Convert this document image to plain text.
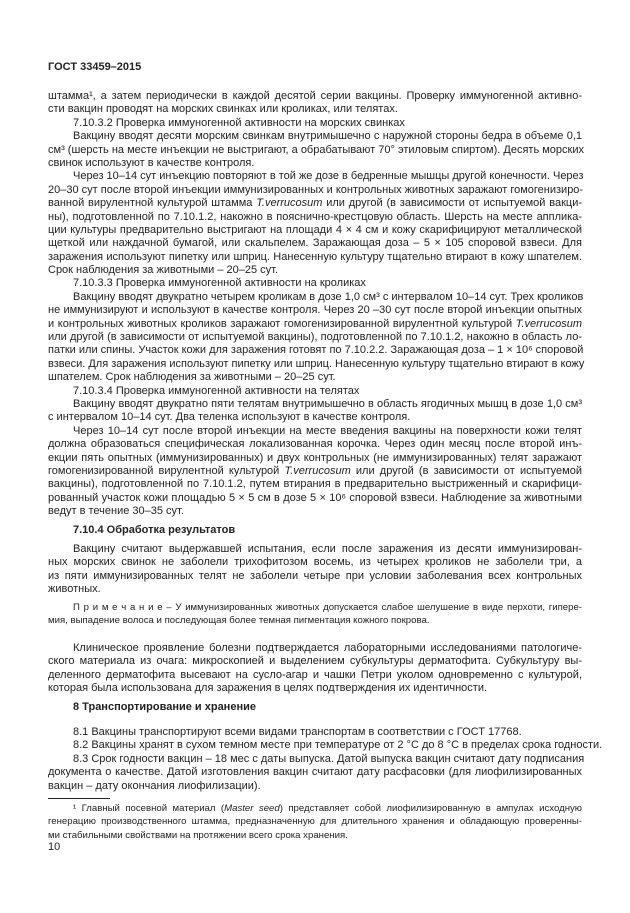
ГОСТ 33459–2015
штамма¹, а затем периодически в каждой десятой серии вакцины. Проверку иммуногенной активно-
сти вакцин проводят на морских свинках или кроликах, или телятах.
7.10.3.2 Проверка иммуногенной активности на морских свинках
Вакцину вводят десяти морским свинкам внутримышечно с наружной стороны бедра в объеме 0,1
см³ (шерсть на месте инъекции не выстригают, а обрабатывают 70° этиловым спиртом). Десять морских
свинок используют в качестве контроля.
Через 10–14 сут инъекцию повторяют в той же дозе в бедренные мышцы другой конечности. Через
20–30 сут после второй инъекции иммунизированных и контрольных животных заражают гомогенизиро-
ванной вирулентной культурой штамма T.verrucosum или другой (в зависимости от испытуемой вакци-
ны), подготовленной по 7.10.1.2, накожно в пояснично-крестцовую область. Шерсть на месте апплика-
ции культуры предварительно выстригают на площади 4 × 4 см и кожу скарифицируют металлической
щеткой или наждачной бумагой, или скальпелем. Заражающая доза – 5 × 105 споровой взвеси. Для
заражения используют пипетку или шприц. Нанесенную культуру тщательно втирают в кожу шпателем.
Срок наблюдения за животными – 20–25 сут.
7.10.3.3 Проверка иммуногенной активности на кроликах
Вакцину вводят двукратно четырем кроликам в дозе 1,0 см³ с интервалом 10–14 сут. Трех кроликов
не иммунизируют и используют в качестве контроля. Через 20 –30 сут после второй инъекции опытных
и контрольных животных кроликов заражают гомогенизированной вирулентной культурой T.verrucosum
или другой (в зависимости от испытуемой вакцины), подготовленной по 7.10.1.2, накожно в область ло-
патки или спины. Участок кожи для заражения готовят по 7.10.2.2. Заражающая доза – 1 × 10⁶ споровой
взвеси. Для заражения используют пипетку или шприц. Нанесенную культуру тщательно втирают в кожу
шпателем. Срок наблюдения за животными – 20–25 сут.
7.10.3.4 Проверка иммуногенной активности на телятах
Вакцину вводят двукратно пяти телятам внутримышечно в область ягодичных мышц в дозе 1,0 см³
с интервалом 10–14 сут. Два теленка используют в качестве контроля.
Через 10–14 сут после второй инъекции на месте введения вакцины на поверхности кожи телят
должна образоваться специфическая локализованная корочка. Через один месяц после второй инъ-
екции пять опытных (иммунизированных) и двух контрольных (не иммунизированных) телят заражают
гомогенизированной вирулентной культурой T.verrucosum или другой (в зависимости от испытуемой
вакцины), подготовленной по 7.10.1.2, путем втирания в предварительно выстриженный и скарифици-
рованный участок кожи площадью 5 × 5 см в дозе 5 × 10⁶ споровой взвеси. Наблюдение за животными
ведут в течение 30–35 сут.
7.10.4 Обработка результатов
Вакцину считают выдержавшей испытания, если после заражения из десяти иммунизирован-
ных морских свинок не заболели трихофитозом восемь, из четырех кроликов не заболели три, а
из пяти иммунизированных телят не заболели четыре при условии заболевания всех контрольных
животных.
П р и м е ч а н и е – У иммунизированных животных допускается слабое шелушение в виде перхоти, гипере-
мия, выпадение волоса и последующая более темная пигментация кожного покрова.
Клиническое проявление болезни подтверждается лабораторными исследованиями патологиче-
ского материала из очага: микроскопией и выделением субкультуры дерматофита. Субкультуру вы-
деленного дерматофита высевают на сусло-агар и чашки Петри уколом одновременно с культурой,
которая была использована для заражения в целях подтверждения их идентичности.
8 Транспортирование и хранение
8.1 Вакцины транспортируют всеми видами транспортам в соответствии с ГОСТ 17768.
8.2 Вакцины хранят в сухом темном месте при температуре от 2 °С до 8 °С в пределах срока годности.
8.3 Срок годности вакцин – 18 мес с даты выпуска. Датой выпуска вакцин считают дату подписания
документа о качестве. Датой изготовления вакцин считают дату расфасовки (для лиофилизированных
вакцин – дату окончания лиофилизации).
¹ Главный посевной материал (Master seed) представляет собой лиофилизированную в ампулах исходную
генерацию производственного штамма, предназначенную для длительного хранения и обладающую проверенны-
ми стабильными свойствами на протяжении всего срока хранения.
10
